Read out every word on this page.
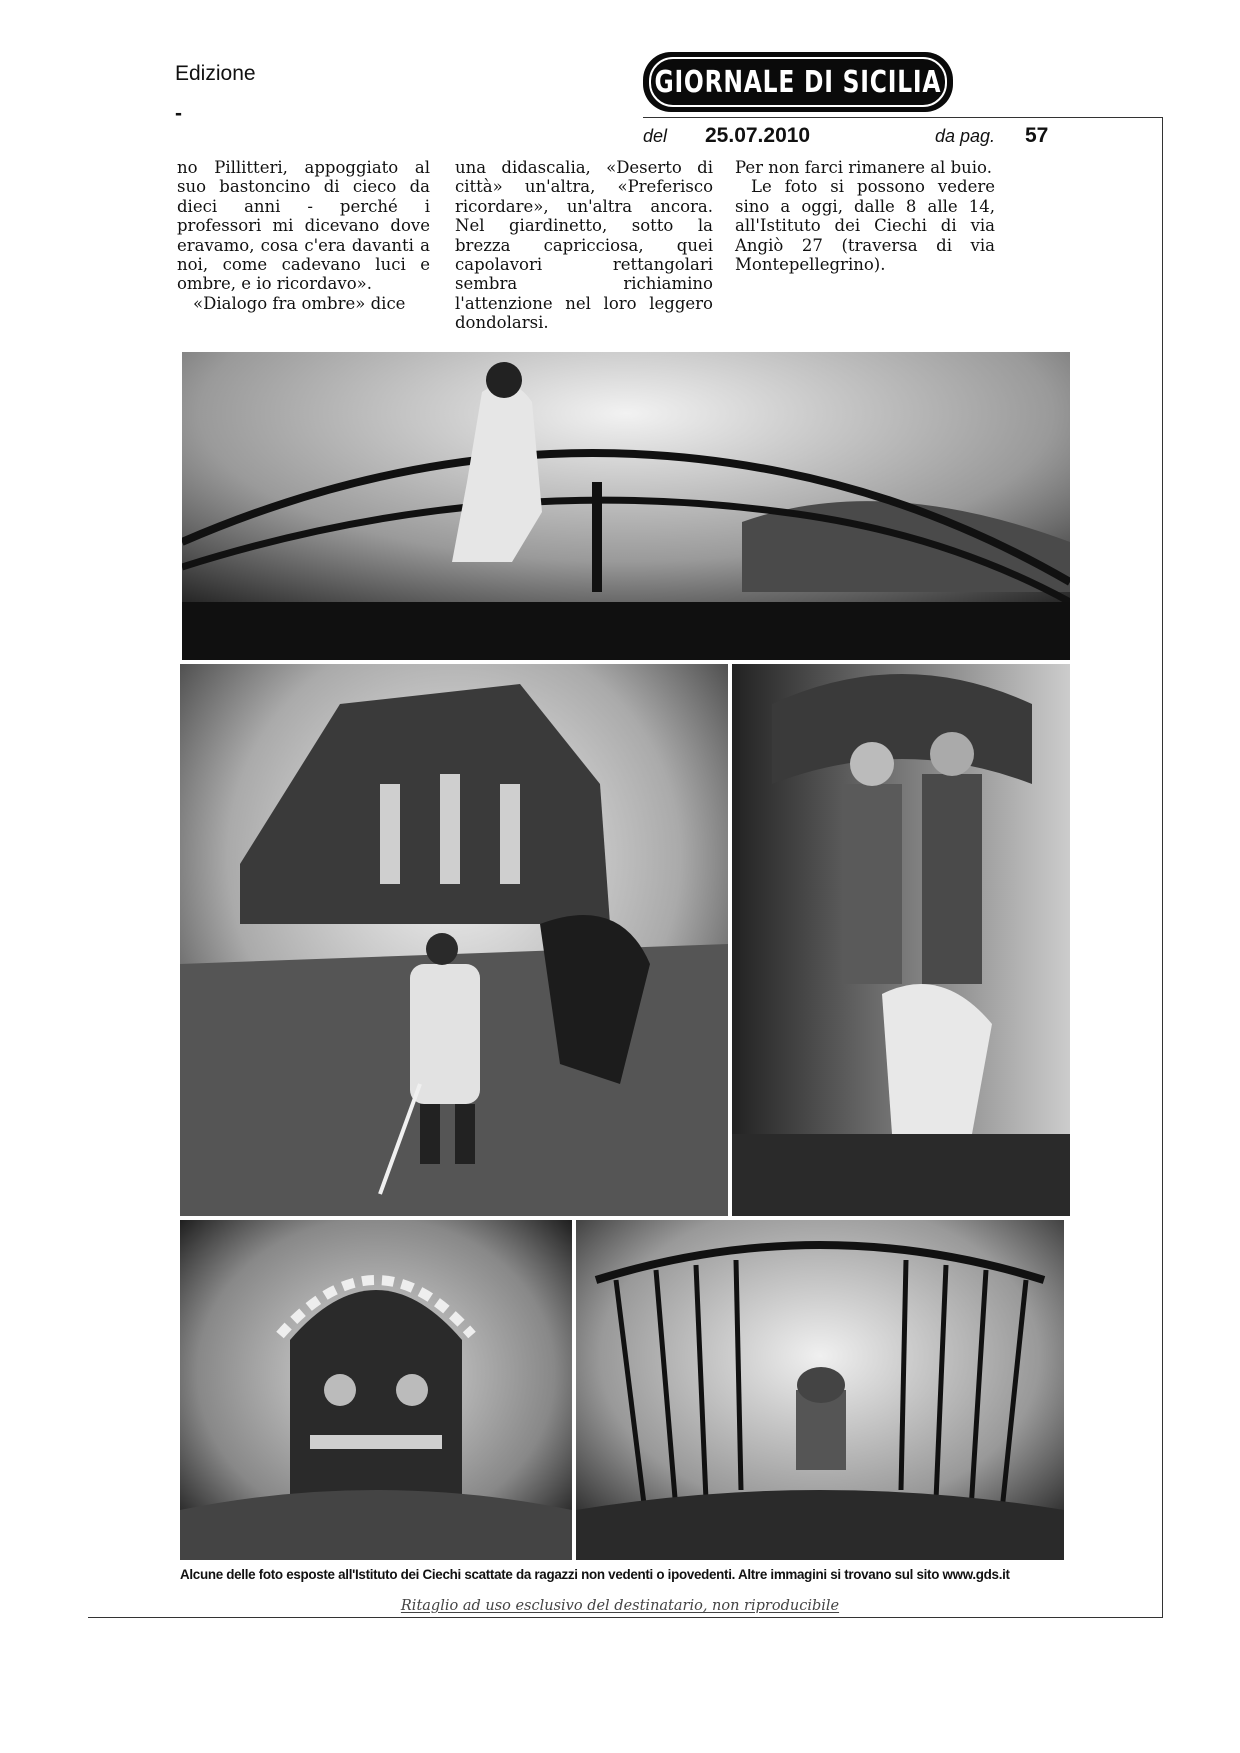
Edizione
-
GIORNALE DI SICILIA
del 25.07.2010	da pag. 57

no Pillitteri, appoggiato al suo bastoncino di cieco da dieci anni - perché i professori mi dicevano dove eravamo, cosa c'era davanti a noi, come cadevano luci e ombre, e io ricordavo».

«Dialogo fra ombre» dice

una didascalia, «Deserto di città» un'altra, «Preferisco ricordare», un'altra ancora. Nel giardinetto, sotto la brezza capricciosa, quei capolavori rettangolari sembra richiamino l'attenzione nel loro leggero dondolarsi.

Per non farci rimanere al buio.

Le foto si possono vedere sino a oggi, dalle 8 alle 14, all'Istituto dei Ciechi di via Angiò 27 (traversa di via Montepellegrino).

Alcune delle foto esposte all'Istituto dei Ciechi scattate da ragazzi non vedenti o ipovedenti. Altre immagini si trovano sul sito www.gds.it
Ritaglio ad uso esclusivo del destinatario, non riproducibile
